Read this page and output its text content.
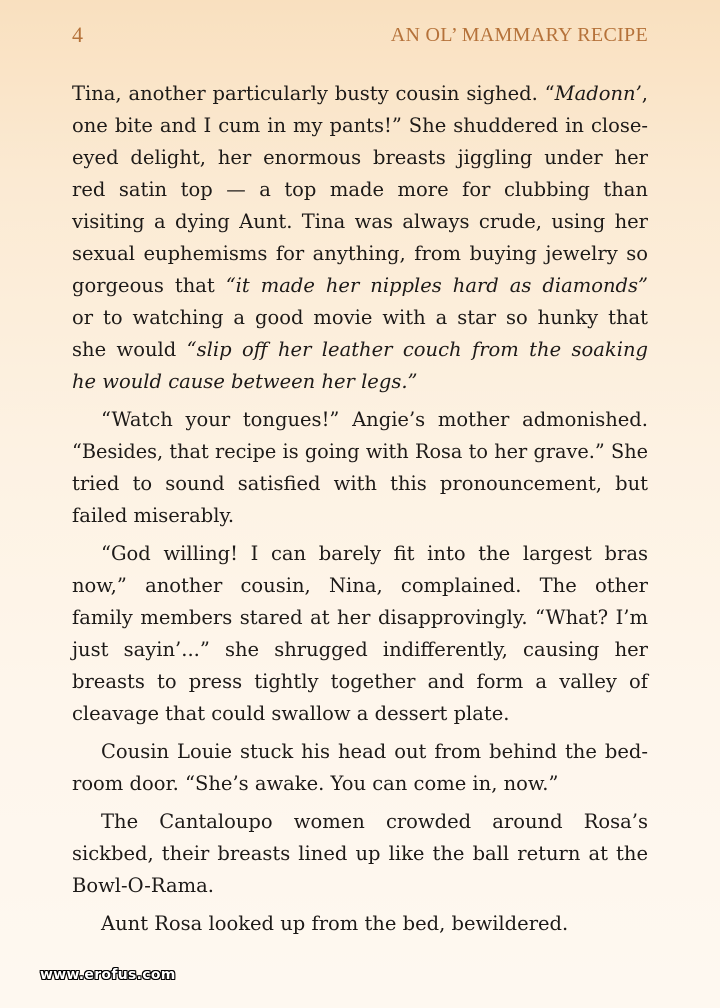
4	AN OL’ MAMMARY RECIPE
Tina, another particularly busty cousin sighed. “Madonn’,
one bite and I cum in my pants!” She shuddered in close-
eyed delight, her enormous breasts jiggling under her
red satin top — a top made more for clubbing than
visiting a dying Aunt. Tina was always crude, using her
sexual euphemisms for anything, from buying jewelry so
gorgeous that “it made her nipples hard as diamonds”
or to watching a good movie with a star so hunky that
she would “slip off her leather couch from the soaking
he would cause between her legs.”
“Watch your tongues!” Angie’s mother admonished.
“Besides, that recipe is going with Rosa to her grave.” She
tried to sound satisfied with this pronouncement, but
failed miserably.
“God willing! I can barely fit into the largest bras
now,” another cousin, Nina, complained. The other
family members stared at her disapprovingly. “What? I’m
just sayin’...” she shrugged indifferently, causing her
breasts to press tightly together and form a valley of
cleavage that could swallow a dessert plate.
Cousin Louie stuck his head out from behind the bed-
room door. “She’s awake. You can come in, now.”
The Cantaloupo women crowded around Rosa’s
sickbed, their breasts lined up like the ball return at the
Bowl-O-Rama.
Aunt Rosa looked up from the bed, bewildered.
www.erofus.com
